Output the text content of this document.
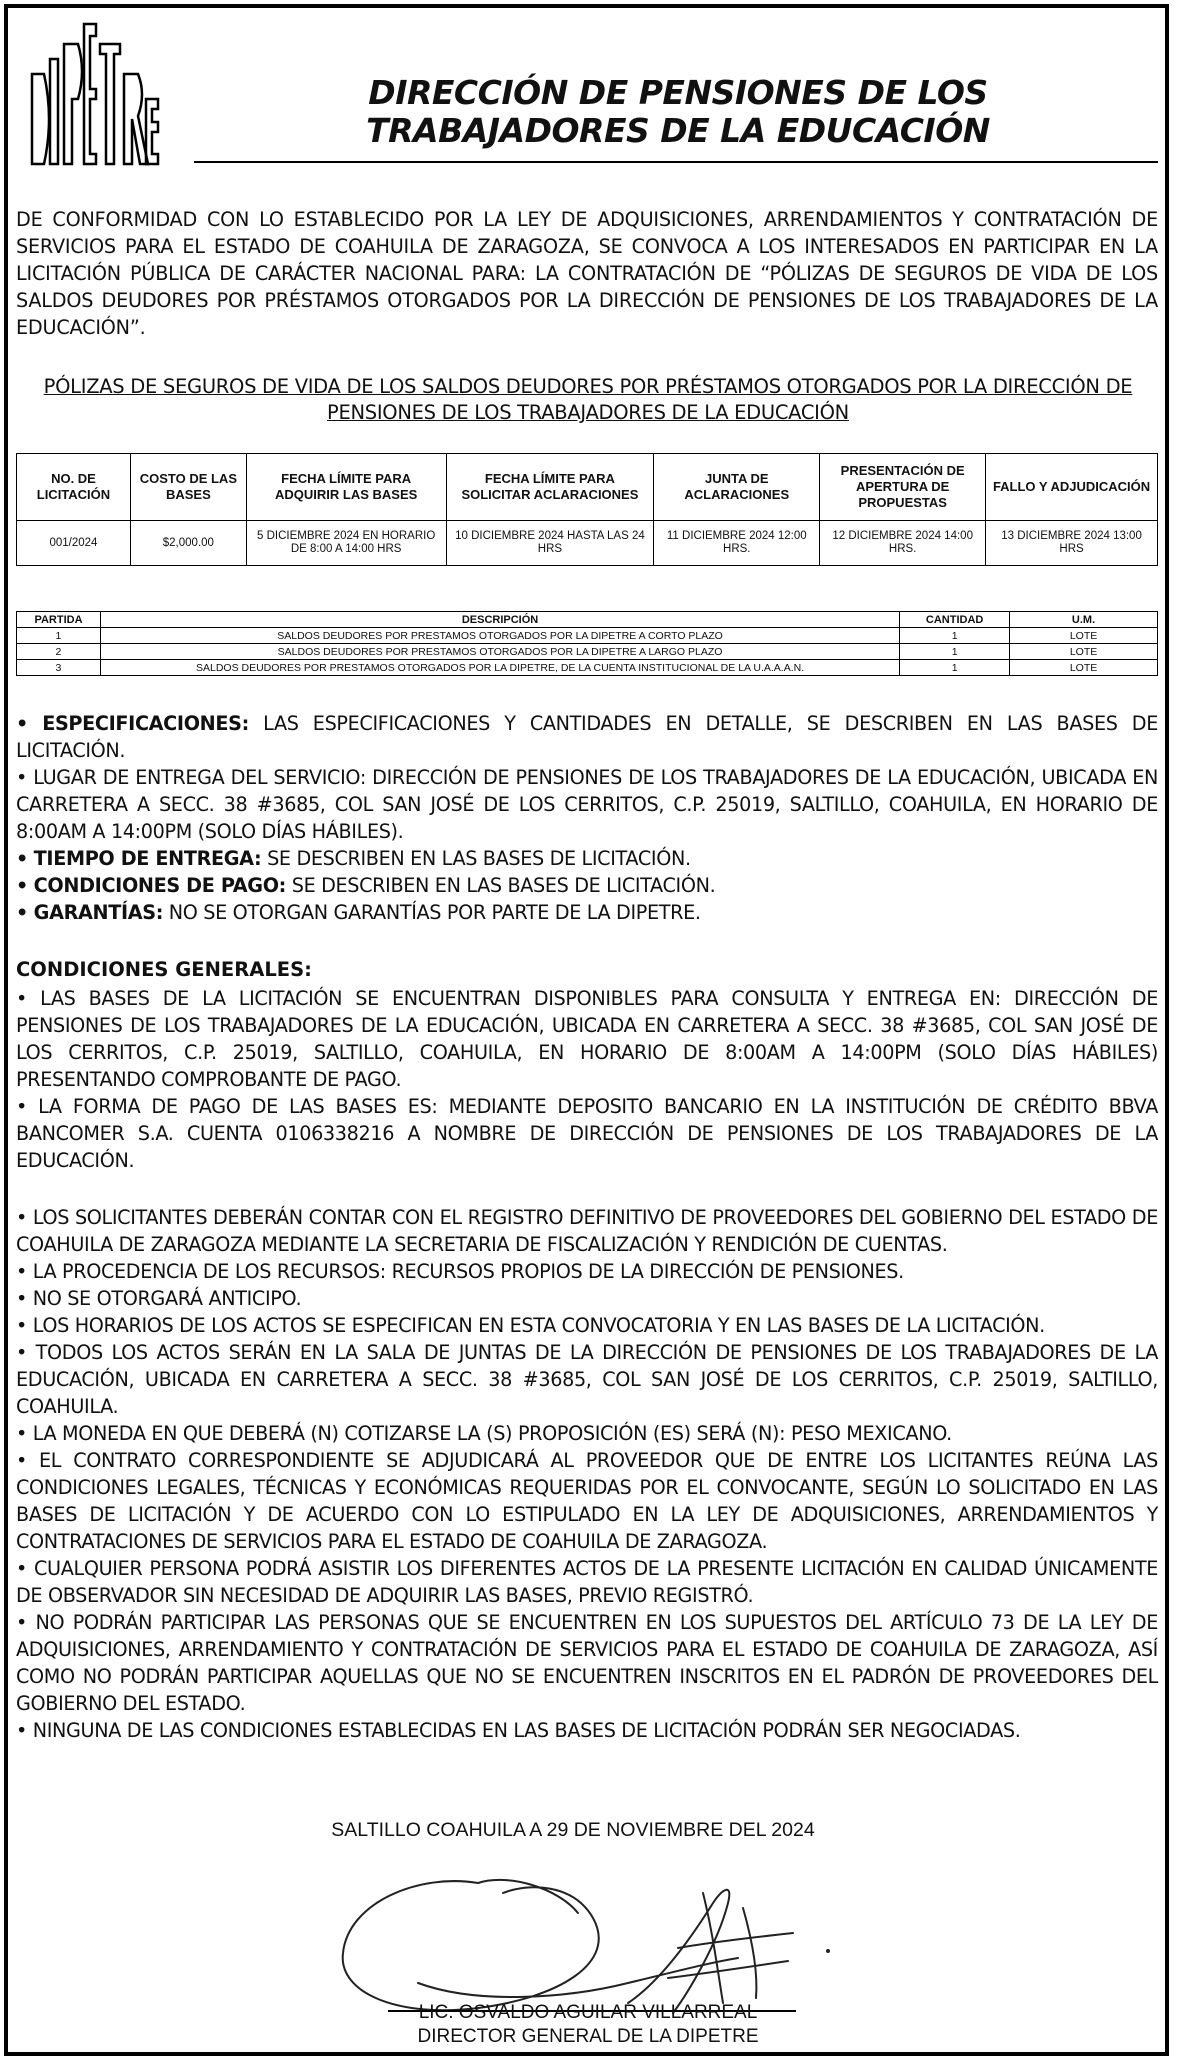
DIRECCIÓN DE PENSIONES DE LOS
TRABAJADORES DE LA EDUCACIÓN
DE CONFORMIDAD CON LO ESTABLECIDO POR LA LEY DE ADQUISICIONES, ARRENDAMIENTOS Y CONTRATACIÓN DE SERVICIOS PARA EL ESTADO DE COAHUILA DE ZARAGOZA, SE CONVOCA A LOS INTERESADOS EN PARTICIPAR EN LA LICITACIÓN PÚBLICA DE CARÁCTER NACIONAL PARA: LA CONTRATACIÓN DE “PÓLIZAS DE SEGUROS DE VIDA DE LOS SALDOS DEUDORES POR PRÉSTAMOS OTORGADOS POR LA DIRECCIÓN DE PENSIONES DE LOS TRABAJADORES DE LA EDUCACIÓN”.
PÓLIZAS DE SEGUROS DE VIDA DE LOS SALDOS DEUDORES POR PRÉSTAMOS OTORGADOS POR LA DIRECCIÓN DE PENSIONES DE LOS TRABAJADORES DE LA EDUCACIÓN
NO. DE LICITACIÓN	COSTO DE LAS BASES	FECHA LÍMITE PARA ADQUIRIR LAS BASES	FECHA LÍMITE PARA SOLICITAR ACLARACIONES	JUNTA DE ACLARACIONES	PRESENTACIÓN DE APERTURA DE PROPUESTAS	FALLO Y ADJUDICACIÓN
001/2024	$2,000.00	5 DICIEMBRE 2024 EN HORARIO DE 8:00 A 14:00 HRS	10 DICIEMBRE 2024 HASTA LAS 24 HRS	11 DICIEMBRE 2024 12:00 HRS.	12 DICIEMBRE 2024 14:00 HRS.	13 DICIEMBRE 2024 13:00 HRS
PARTIDA	DESCRIPCIÓN	CANTIDAD	U.M.
1	SALDOS DEUDORES POR PRESTAMOS OTORGADOS POR LA DIPETRE A CORTO PLAZO	1	LOTE
2	SALDOS DEUDORES POR PRESTAMOS OTORGADOS POR LA DIPETRE A LARGO PLAZO	1	LOTE
3	SALDOS DEUDORES POR PRESTAMOS OTORGADOS POR LA DIPETRE, DE LA CUENTA INSTITUCIONAL DE LA U.A.A.A.N.	1	LOTE

• ESPECIFICACIONES: LAS ESPECIFICACIONES Y CANTIDADES EN DETALLE, SE DESCRIBEN EN LAS BASES DE LICITACIÓN.

• LUGAR DE ENTREGA DEL SERVICIO: DIRECCIÓN DE PENSIONES DE LOS TRABAJADORES DE LA EDUCACIÓN, UBICADA EN CARRETERA A SECC. 38 #3685, COL SAN JOSÉ DE LOS CERRITOS, C.P. 25019, SALTILLO, COAHUILA, EN HORARIO DE 8:00AM A 14:00PM (SOLO DÍAS HÁBILES).

• TIEMPO DE ENTREGA: SE DESCRIBEN EN LAS BASES DE LICITACIÓN.

• CONDICIONES DE PAGO: SE DESCRIBEN EN LAS BASES DE LICITACIÓN.

• GARANTÍAS: NO SE OTORGAN GARANTÍAS POR PARTE DE LA DIPETRE.

CONDICIONES GENERALES:

• LAS BASES DE LA LICITACIÓN SE ENCUENTRAN DISPONIBLES PARA CONSULTA Y ENTREGA EN: DIRECCIÓN DE PENSIONES DE LOS TRABAJADORES DE LA EDUCACIÓN, UBICADA EN CARRETERA A SECC. 38 #3685, COL SAN JOSÉ DE LOS CERRITOS, C.P. 25019, SALTILLO, COAHUILA, EN HORARIO DE 8:00AM A 14:00PM (SOLO DÍAS HÁBILES) PRESENTANDO COMPROBANTE DE PAGO.

• LA FORMA DE PAGO DE LAS BASES ES: MEDIANTE DEPOSITO BANCARIO EN LA INSTITUCIÓN DE CRÉDITO BBVA BANCOMER S.A. CUENTA 0106338216 A NOMBRE DE DIRECCIÓN DE PENSIONES DE LOS TRABAJADORES DE LA EDUCACIÓN.

• LOS SOLICITANTES DEBERÁN CONTAR CON EL REGISTRO DEFINITIVO DE PROVEEDORES DEL GOBIERNO DEL ESTADO DE COAHUILA DE ZARAGOZA MEDIANTE LA SECRETARIA DE FISCALIZACIÓN Y RENDICIÓN DE CUENTAS.

• LA PROCEDENCIA DE LOS RECURSOS: RECURSOS PROPIOS DE LA DIRECCIÓN DE PENSIONES.

• NO SE OTORGARÁ ANTICIPO.

• LOS HORARIOS DE LOS ACTOS SE ESPECIFICAN EN ESTA CONVOCATORIA Y EN LAS BASES DE LA LICITACIÓN.

• TODOS LOS ACTOS SERÁN EN LA SALA DE JUNTAS DE LA DIRECCIÓN DE PENSIONES DE LOS TRABAJADORES DE LA EDUCACIÓN, UBICADA EN CARRETERA A SECC. 38 #3685, COL SAN JOSÉ DE LOS CERRITOS, C.P. 25019, SALTILLO, COAHUILA.

• LA MONEDA EN QUE DEBERÁ (N) COTIZARSE LA (S) PROPOSICIÓN (ES) SERÁ (N): PESO MEXICANO.

• EL CONTRATO CORRESPONDIENTE SE ADJUDICARÁ AL PROVEEDOR QUE DE ENTRE LOS LICITANTES REÚNA LAS CONDICIONES LEGALES, TÉCNICAS Y ECONÓMICAS REQUERIDAS POR EL CONVOCANTE, SEGÚN LO SOLICITADO EN LAS BASES DE LICITACIÓN Y DE ACUERDO CON LO ESTIPULADO EN LA LEY DE ADQUISICIONES, ARRENDAMIENTOS Y CONTRATACIONES DE SERVICIOS PARA EL ESTADO DE COAHUILA DE ZARAGOZA.

• CUALQUIER PERSONA PODRÁ ASISTIR LOS DIFERENTES ACTOS DE LA PRESENTE LICITACIÓN EN CALIDAD ÚNICAMENTE DE OBSERVADOR SIN NECESIDAD DE ADQUIRIR LAS BASES, PREVIO REGISTRÓ.

• NO PODRÁN PARTICIPAR LAS PERSONAS QUE SE ENCUENTREN EN LOS SUPUESTOS DEL ARTÍCULO 73 DE LA LEY DE ADQUISICIONES, ARRENDAMIENTO Y CONTRATACIÓN DE SERVICIOS PARA EL ESTADO DE COAHUILA DE ZARAGOZA, ASÍ COMO NO PODRÁN PARTICIPAR AQUELLAS QUE NO SE ENCUENTREN INSCRITOS EN EL PADRÓN DE PROVEEDORES DEL GOBIERNO DEL ESTADO.

• NINGUNA DE LAS CONDICIONES ESTABLECIDAS EN LAS BASES DE LICITACIÓN PODRÁN SER NEGOCIADAS.

SALTILLO COAHUILA A 29 DE NOVIEMBRE DEL 2024
LIC. OSVALDO AGUILAR VILLARREAL
DIRECTOR GENERAL DE LA DIPETRE
